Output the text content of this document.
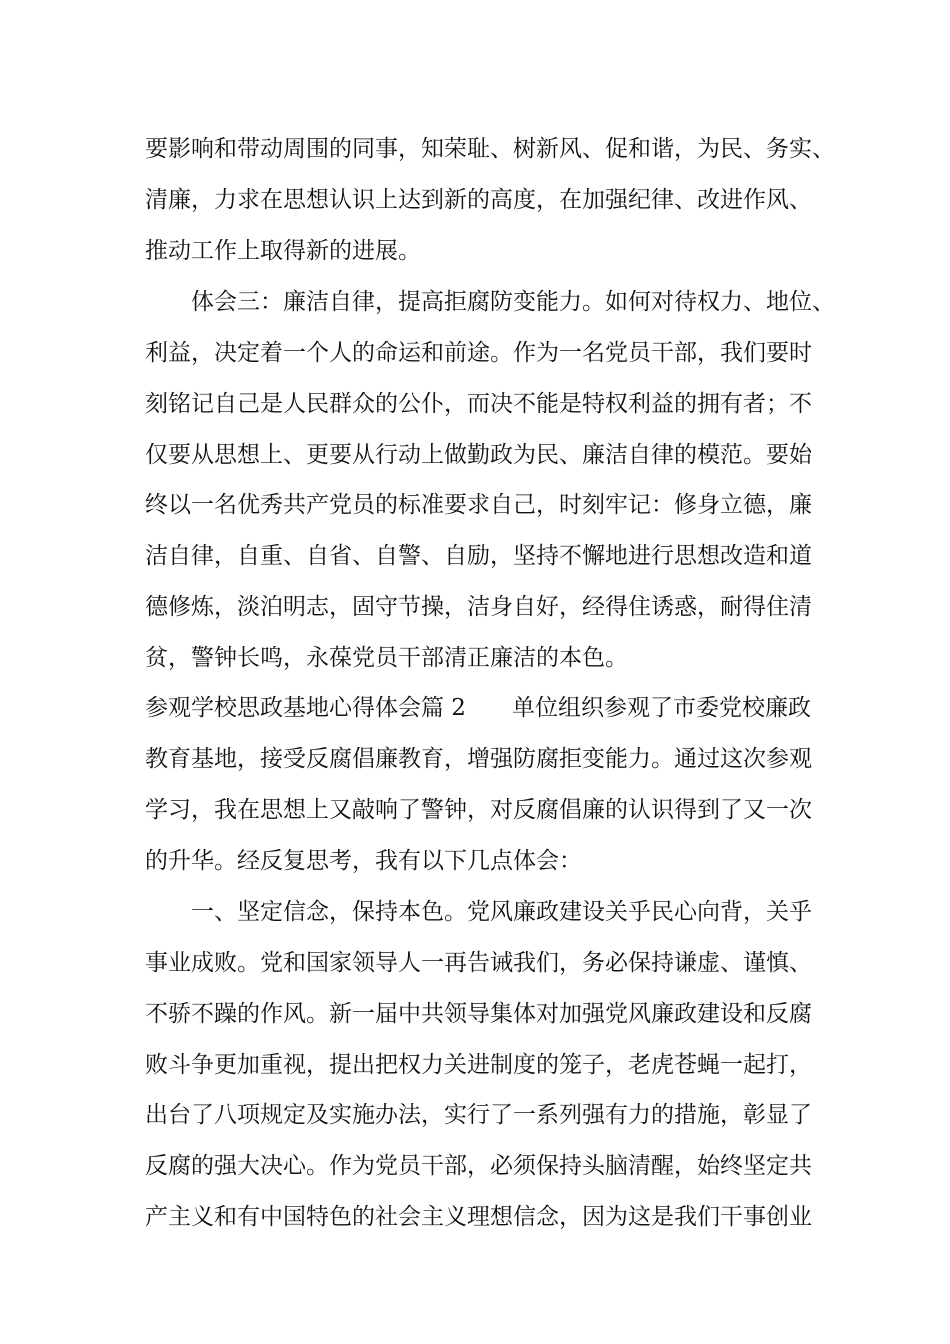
要影响和带动周围的同事，知荣耻、树新风、促和谐，为民、务实、
清廉，力求在思想认识上达到新的高度，在加强纪律、改进作风、
推动工作上取得新的进展。
　　体会三：廉洁自律，提高拒腐防变能力。如何对待权力、地位、
利益，决定着一个人的命运和前途。作为一名党员干部，我们要时
刻铭记自己是人民群众的公仆，而决不能是特权利益的拥有者；不
仅要从思想上、更要从行动上做勤政为民、廉洁自律的模范。要始
终以一名优秀共产党员的标准要求自己，时刻牢记：修身立德，廉
洁自律，自重、自省、自警、自励，坚持不懈地进行思想改造和道
德修炼，淡泊明志，固守节操，洁身自好，经得住诱惑，耐得住清
贫，警钟长鸣，永葆党员干部清正廉洁的本色。
参观学校思政基地心得体会篇 2　　单位组织参观了市委党校廉政
教育基地，接受反腐倡廉教育，增强防腐拒变能力。通过这次参观
学习，我在思想上又敲响了警钟，对反腐倡廉的认识得到了又一次
的升华。经反复思考，我有以下几点体会：
　　一、坚定信念，保持本色。党风廉政建设关乎民心向背，关乎
事业成败。党和国家领导人一再告诫我们，务必保持谦虚、谨慎、
不骄不躁的作风。新一届中共领导集体对加强党风廉政建设和反腐
败斗争更加重视，提出把权力关进制度的笼子，老虎苍蝇一起打，
出台了八项规定及实施办法，实行了一系列强有力的措施，彰显了
反腐的强大决心。作为党员干部，必须保持头脑清醒，始终坚定共
产主义和有中国特色的社会主义理想信念，因为这是我们干事创业
